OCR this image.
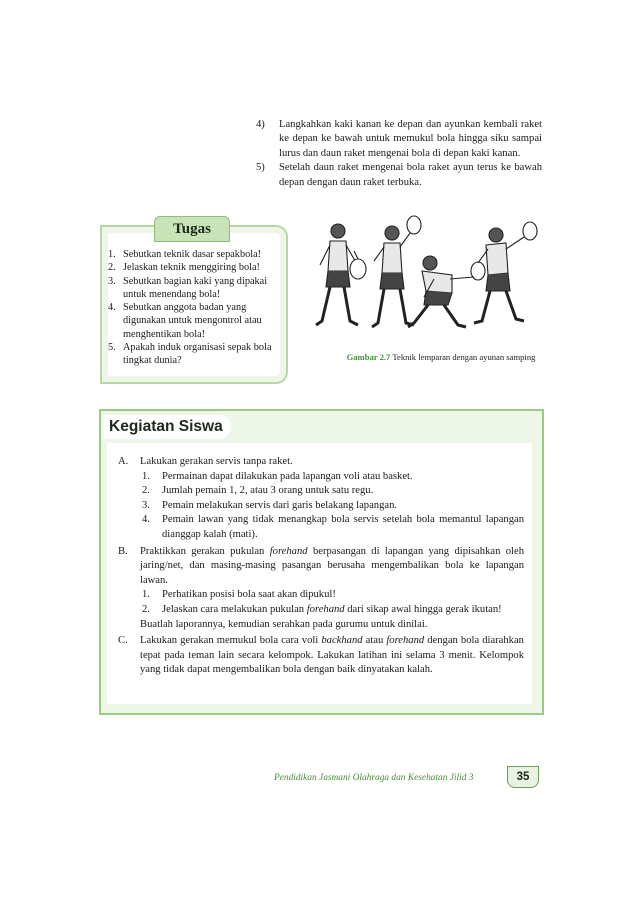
4) Langkahkan kaki kanan ke depan dan ayunkan kembali raket ke depan ke bawah untuk memukul bola hingga siku sampai lurus dan daun raket mengenai bola di depan kaki kanan.
5) Setelah daun raket mengenai bola raket ayun terus ke bawah depan dengan daun raket terbuka.
Tugas
1. Sebutkan teknik dasar sepakbola!
2. Jelaskan teknik menggiring bola!
3. Sebutkan bagian kaki yang dipakai untuk menendang bola!
4. Sebutkan anggota badan yang digunakan untuk mengontrol atau menghentikan bola!
5. Apakah induk organisasi sepak bola tingkat dunia?	Gambar 2.7 Teknik lemparan dengan ayunan samping
Kegiatan Siswa
A. Lakukan gerakan servis tanpa raket.
1. Permainan dapat dilakukan pada lapangan voli atau basket.
2. Jumlah pemain 1, 2, atau 3 orang untuk satu regu.
3. Pemain melakukan servis dari garis belakang lapangan.
4. Pemain lawan yang tidak menangkap bola servis setelah bola memantul lapangan dianggap kalah (mati).
B. Praktikkan gerakan pukulan forehand berpasangan di lapangan yang dipisahkan oleh jaring/net, dan masing-masing pasangan berusaha mengembalikan bola ke lapangan lawan.
1. Perhatikan posisi bola saat akan dipukul!
2. Jelaskan cara melakukan pukulan forehand dari sikap awal hingga gerak ikutan!
Buatlah laporannya, kemudian serahkan pada gurumu untuk dinilai.
C. Lakukan gerakan memukul bola cara voli backhand atau forehand dengan bola diarahkan tepat pada teman lain secara kelompok. Lakukan latihan ini selama 3 menit. Kelompok yang tidak dapat mengembalikan bola dengan baik dinyatakan kalah.
Pendidikan Jasmani Olahraga dan Kesehatan Jilid 3	35
